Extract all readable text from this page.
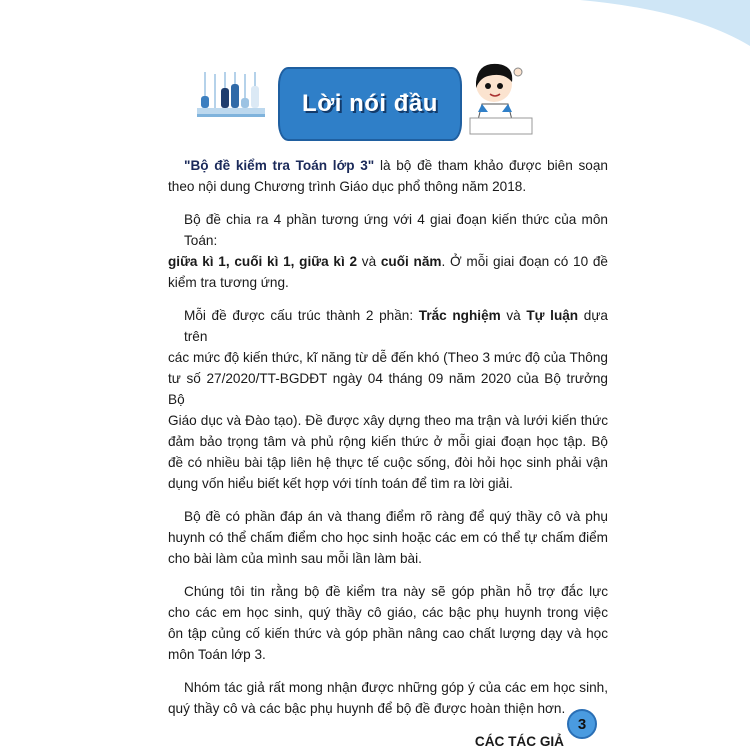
Lời nói đầu
"Bộ đề kiểm tra Toán lớp 3" là bộ đề tham khảo được biên soạn
theo nội dung Chương trình Giáo dục phổ thông năm 2018.
Bộ đề chia ra 4 phần tương ứng với 4 giai đoạn kiến thức của môn Toán:
giữa kì 1, cuối kì 1, giữa kì 2 và cuối năm. Ở mỗi giai đoạn có 10 đề
kiểm tra tương ứng.
Mỗi đề được cấu trúc thành 2 phần: Trắc nghiệm và Tự luận dựa trên
các mức độ kiến thức, kĩ năng từ dễ đến khó (Theo 3 mức độ của Thông
tư số 27/2020/TT-BGDĐT ngày 04 tháng 09 năm 2020 của Bộ trưởng Bộ
Giáo dục và Đào tạo). Đề được xây dựng theo ma trận và lưới kiến thức
đảm bảo trọng tâm và phủ rộng kiến thức ở mỗi giai đoạn học tập. Bộ
đề có nhiều bài tập liên hệ thực tế cuộc sống, đòi hỏi học sinh phải vận
dụng vốn hiểu biết kết hợp với tính toán để tìm ra lời giải.
Bộ đề có phần đáp án và thang điểm rõ ràng để quý thầy cô và phụ
huynh có thể chấm điểm cho học sinh hoặc các em có thể tự chấm điểm
cho bài làm của mình sau mỗi lần làm bài.
Chúng tôi tin rằng bộ đề kiểm tra này sẽ góp phần hỗ trợ đắc lực
cho các em học sinh, quý thầy cô giáo, các bậc phụ huynh trong việc
ôn tập củng cố kiến thức và góp phần nâng cao chất lượng dạy và học
môn Toán lớp 3.
Nhóm tác giả rất mong nhận được những góp ý của các em học sinh,
quý thầy cô và các bậc phụ huynh để bộ đề được hoàn thiện hơn.
CÁC TÁC GIẢ
3
